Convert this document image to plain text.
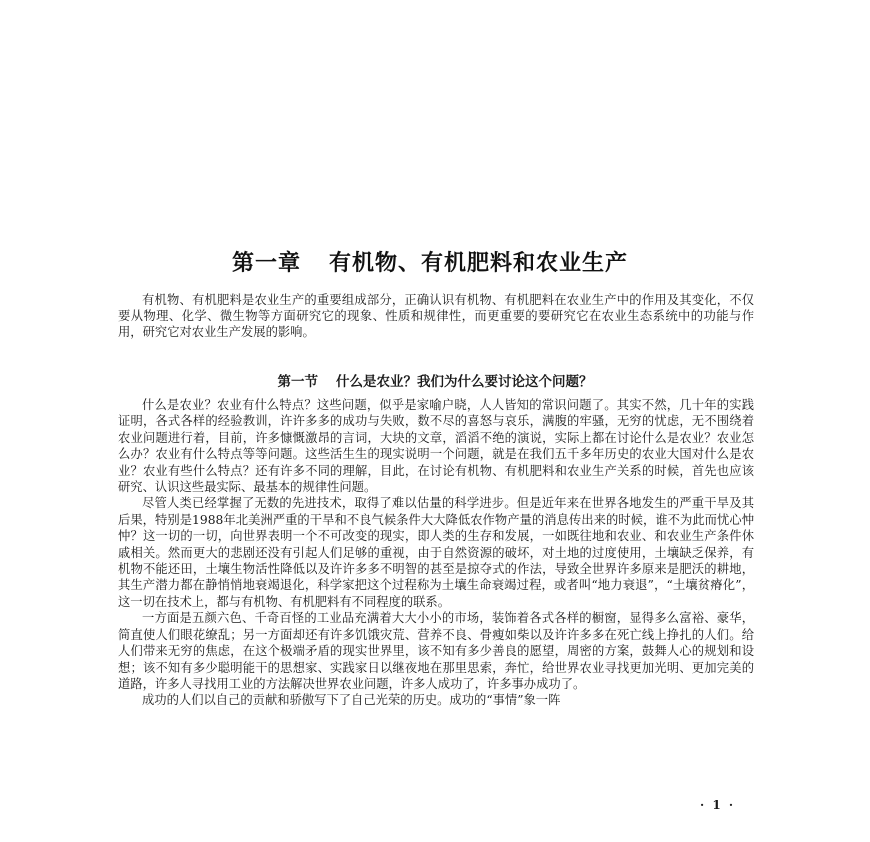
第一章 有机物、有机肥料和农业生产

有机物、有机肥料是农业生产的重要组成部分，正确认识有机物、有机肥料在农业生产中的作用及其变化，不仅要从物理、化学、微生物等方面研究它的现象、性质和规律性，而更重要的要研究它在农业生态系统中的功能与作用，研究它对农业生产发展的影响。

第一节 什么是农业？我们为什么要讨论这个问题？

什么是农业？农业有什么特点？这些问题，似乎是家喻户晓，人人皆知的常识问题了。其实不然，几十年的实践证明，各式各样的经验教训，许许多多的成功与失败，数不尽的喜怒与哀乐，满腹的牢骚，无穷的忧虑，无不围绕着农业问题进行着，目前，许多慷慨激昂的言词，大块的文章，滔滔不绝的演说，实际上都在讨论什么是农业？农业怎么办？农业有什么特点等等问题。这些活生生的现实说明一个问题，就是在我们五千多年历史的农业大国对什么是农业？农业有些什么特点？还有许多不同的理解，目此，在讨论有机物、有机肥料和农业生产关系的时候，首先也应该研究、认识这些最实际、最基本的规律性问题。

尽管人类已经掌握了无数的先进技术，取得了难以估量的科学进步。但是近年来在世界各地发生的严重干旱及其后果，特别是1988年北美洲严重的干旱和不良气候条件大大降低农作物产量的消息传出来的时候，谁不为此而忧心忡忡？这一切的一切，向世界表明一个不可改变的现实，即人类的生存和发展，一如既往地和农业、和农业生产条件休戚相关。然而更大的悲剧还没有引起人们足够的重视，由于自然资源的破坏，对土地的过度使用，土壤缺乏保养，有机物不能还田，土壤生物活性降低以及许许多多不明智的甚至是掠夺式的作法，导致全世界许多原来是肥沃的耕地，其生产潜力都在静悄悄地衰竭退化，科学家把这个过程称为土壤生命衰竭过程，或者叫“地力衰退”，“土壤贫瘠化”，这一切在技术上，都与有机物、有机肥料有不同程度的联系。

一方面是五颜六色、千奇百怪的工业品充满着大大小小的市场，装饰着各式各样的橱窗，显得多么富裕、豪华，简直使人们眼花缭乱；另一方面却还有许多饥饿灾荒、营养不良、骨瘦如柴以及许许多多在死亡线上挣扎的人们。给人们带来无穷的焦虑，在这个极端矛盾的现实世界里，该不知有多少善良的愿望，周密的方案，鼓舞人心的规划和设想；该不知有多少聪明能干的思想家、实践家日以继夜地在那里思索，奔忙，给世界农业寻找更加光明、更加完美的道路，许多人寻找用工业的方法解决世界农业问题，许多人成功了，许多事办成功了。

成功的人们以自己的贡献和骄傲写下了自己光荣的历史。成功的“事情”象一阵

· 1 ·
